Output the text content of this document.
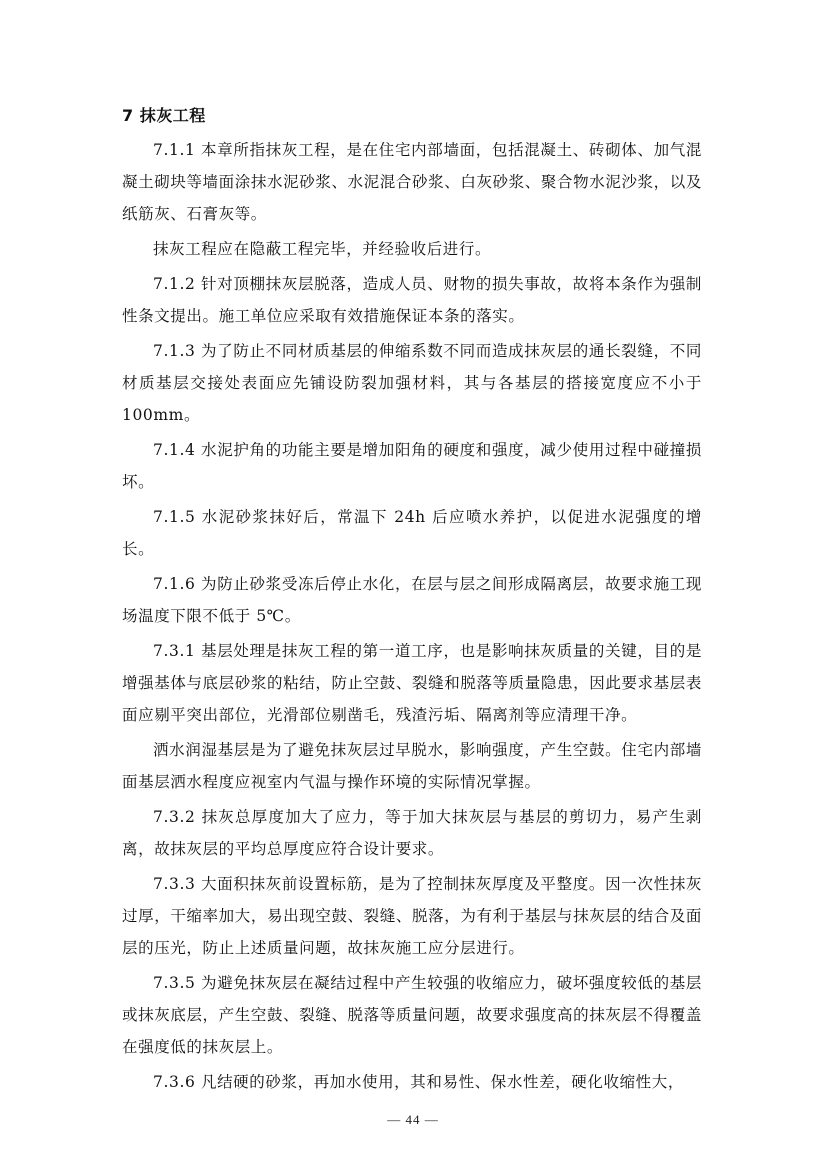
7 抹灰工程

7.1.1 本章所指抹灰工程，是在住宅内部墙面，包括混凝土、砖砌体、加气混凝土砌块等墙面涂抹水泥砂浆、水泥混合砂浆、白灰砂浆、聚合物水泥沙浆，以及纸筋灰、石膏灰等。

抹灰工程应在隐蔽工程完毕，并经验收后进行。

7.1.2 针对顶棚抹灰层脱落，造成人员、财物的损失事故，故将本条作为强制性条文提出。施工单位应采取有效措施保证本条的落实。

7.1.3 为了防止不同材质基层的伸缩系数不同而造成抹灰层的通长裂缝，不同材质基层交接处表面应先铺设防裂加强材料，其与各基层的搭接宽度应不小于100mm。

7.1.4 水泥护角的功能主要是增加阳角的硬度和强度，减少使用过程中碰撞损坏。

7.1.5 水泥砂浆抹好后，常温下 24h 后应喷水养护，以促进水泥强度的增长。

7.1.6 为防止砂浆受冻后停止水化，在层与层之间形成隔离层，故要求施工现场温度下限不低于 5℃。

7.3.1 基层处理是抹灰工程的第一道工序，也是影响抹灰质量的关键，目的是增强基体与底层砂浆的粘结，防止空鼓、裂缝和脱落等质量隐患，因此要求基层表面应剔平突出部位，光滑部位剔凿毛，残渣污垢、隔离剂等应清理干净。

洒水润湿基层是为了避免抹灰层过早脱水，影响强度，产生空鼓。住宅内部墙面基层洒水程度应视室内气温与操作环境的实际情况掌握。

7.3.2 抹灰总厚度加大了应力，等于加大抹灰层与基层的剪切力，易产生剥离，故抹灰层的平均总厚度应符合设计要求。

7.3.3 大面积抹灰前设置标筋，是为了控制抹灰厚度及平整度。因一次性抹灰过厚，干缩率加大，易出现空鼓、裂缝、脱落，为有利于基层与抹灰层的结合及面层的压光，防止上述质量问题，故抹灰施工应分层进行。

7.3.5 为避免抹灰层在凝结过程中产生较强的收缩应力，破坏强度较低的基层或抹灰底层，产生空鼓、裂缝、脱落等质量问题，故要求强度高的抹灰层不得覆盖在强度低的抹灰层上。

7.3.6 凡结硬的砂浆，再加水使用，其和易性、保水性差，硬化收缩性大，

— 44 —
